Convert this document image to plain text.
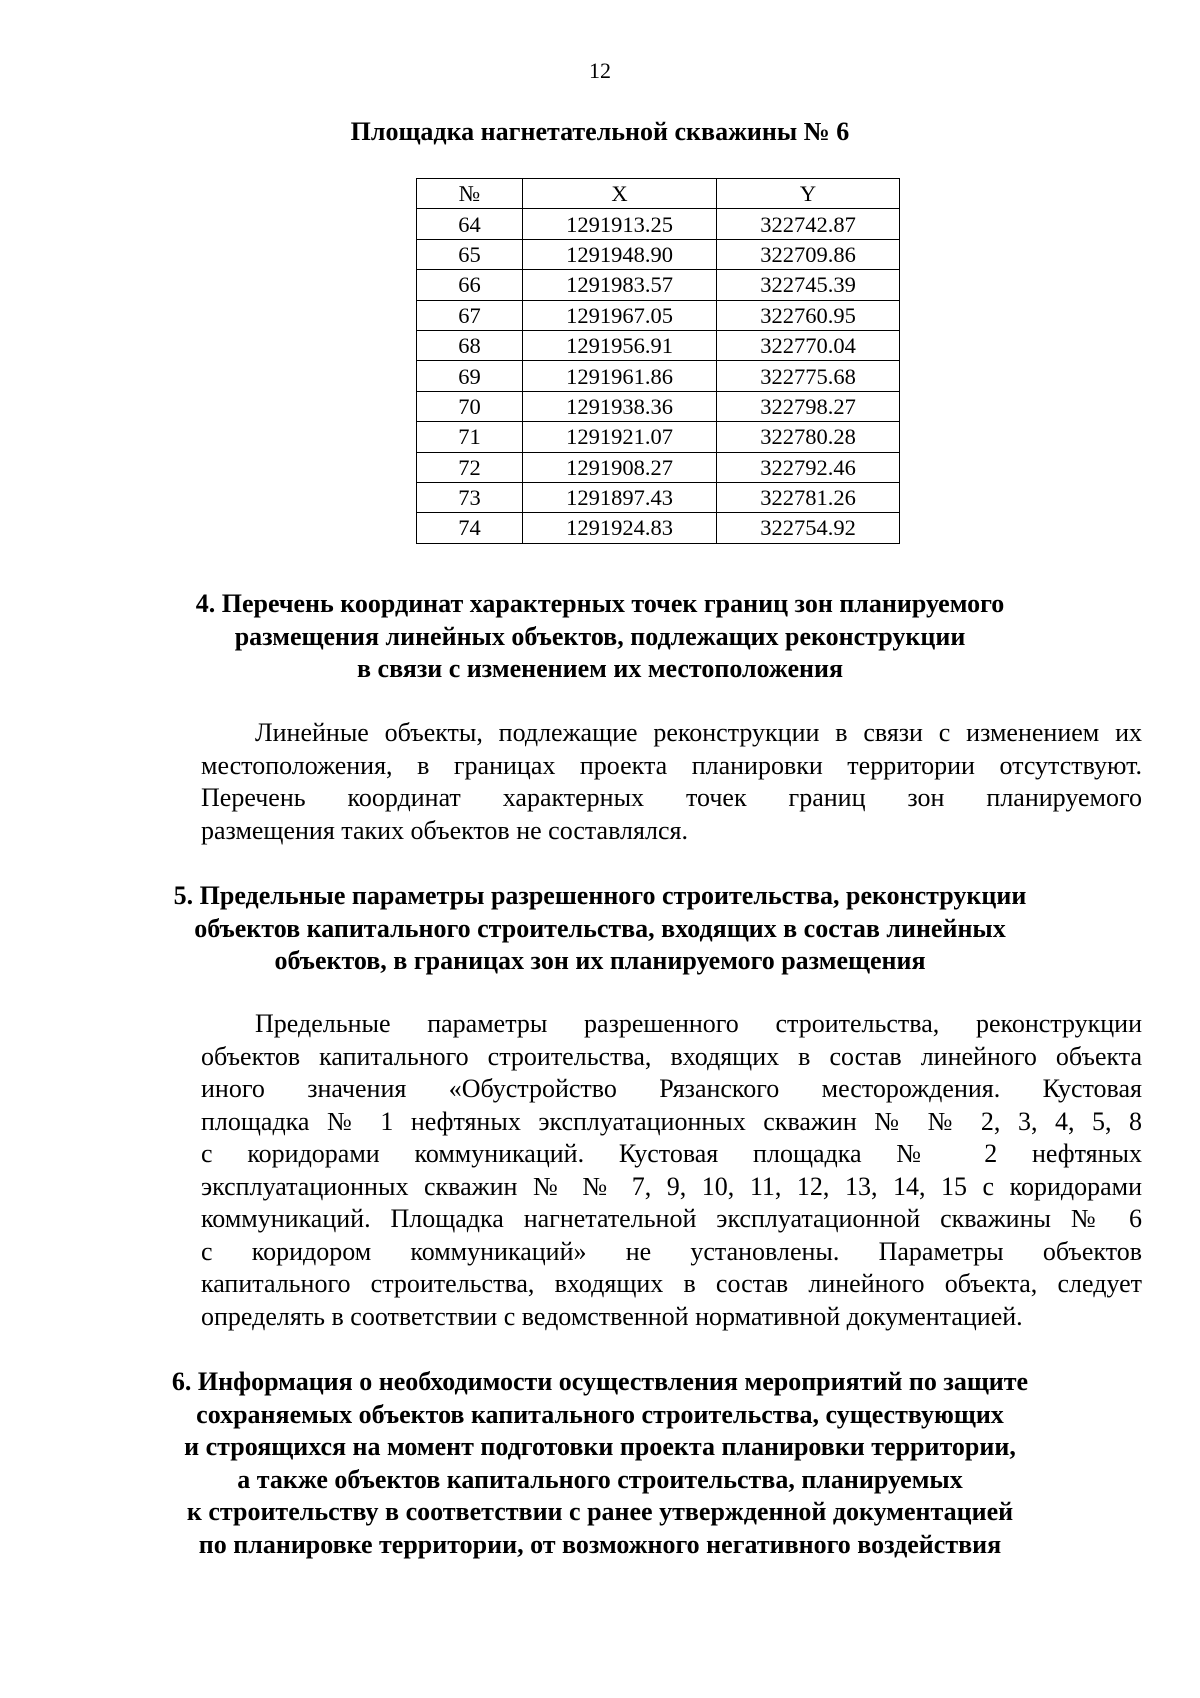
12
Площадка нагнетательной скважины № 6
№	X	Y
64	1291913.25	322742.87
65	1291948.90	322709.86
66	1291983.57	322745.39
67	1291967.05	322760.95
68	1291956.91	322770.04
69	1291961.86	322775.68
70	1291938.36	322798.27
71	1291921.07	322780.28
72	1291908.27	322792.46
73	1291897.43	322781.26
74	1291924.83	322754.92
4. Перечень координат характерных точек границ зон планируемого
размещения линейных объектов, подлежащих реконструкции
в связи с изменением их местоположения
Линейные объекты, подлежащие реконструкции в связи с изменением их
местоположения, в границах проекта планировки территории отсутствуют.
Перечень координат характерных точек границ зон планируемого
размещения таких объектов не составлялся.
5. Предельные параметры разрешенного строительства, реконструкции
объектов капитального строительства, входящих в состав линейных
объектов, в границах зон их планируемого размещения
Предельные параметры разрешенного строительства, реконструкции
объектов капитального строительства, входящих в состав линейного объекта
иного значения «Обустройство Рязанского месторождения. Кустовая
площадка № 1 нефтяных эксплуатационных скважин № № 2, 3, 4, 5, 8
с коридорами коммуникаций. Кустовая площадка № 2 нефтяных
эксплуатационных скважин № № 7, 9, 10, 11, 12, 13, 14, 15 с коридорами
коммуникаций. Площадка нагнетательной эксплуатационной скважины № 6
с коридором коммуникаций» не установлены. Параметры объектов
капитального строительства, входящих в состав линейного объекта, следует
определять в соответствии с ведомственной нормативной документацией.
6. Информация о необходимости осуществления мероприятий по защите
сохраняемых объектов капитального строительства, существующих
и строящихся на момент подготовки проекта планировки территории,
а также объектов капитального строительства, планируемых
к строительству в соответствии с ранее утвержденной документацией
по планировке территории, от возможного негативного воздействия
